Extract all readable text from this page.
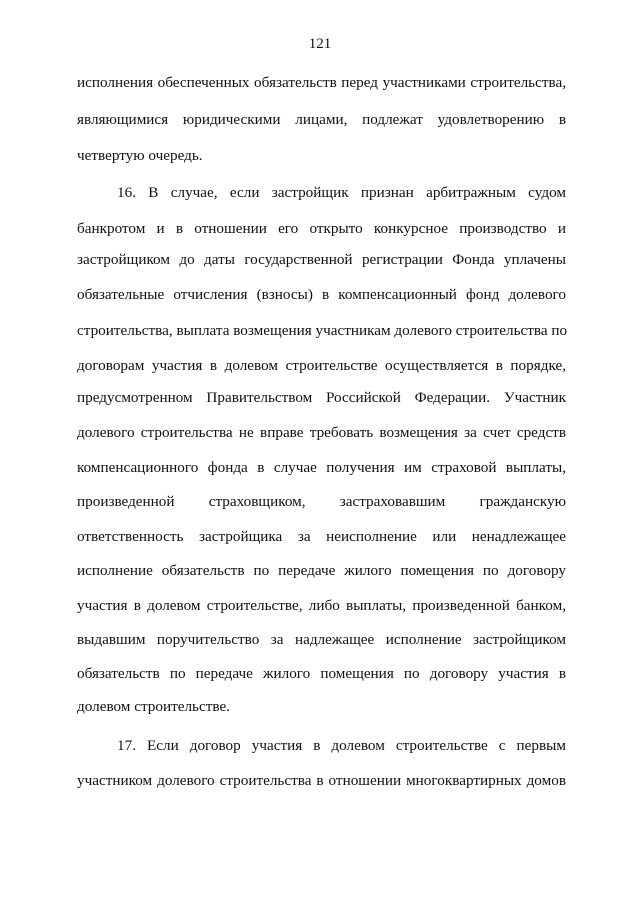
121
исполнения обеспеченных обязательств перед участниками строительства,
являющимися юридическими лицами, подлежат удовлетворению в
четвертую очередь.
16. В случае, если застройщик признан арбитражным судом
банкротом и в отношении его открыто конкурсное производство и
застройщиком до даты государственной регистрации Фонда уплачены
обязательные отчисления (взносы) в компенсационный фонд долевого
строительства, выплата возмещения участникам долевого строительства по
договорам участия в долевом строительстве осуществляется в порядке,
предусмотренном Правительством Российской Федерации. Участник
долевого строительства не вправе требовать возмещения за счет средств
компенсационного фонда в случае получения им страховой выплаты,
произведенной страховщиком, застраховавшим гражданскую
ответственность застройщика за неисполнение или ненадлежащее
исполнение обязательств по передаче жилого помещения по договору
участия в долевом строительстве, либо выплаты, произведенной банком,
выдавшим поручительство за надлежащее исполнение застройщиком
обязательств по передаче жилого помещения по договору участия в
долевом строительстве.
17. Если договор участия в долевом строительстве с первым
участником долевого строительства в отношении многоквартирных домов
